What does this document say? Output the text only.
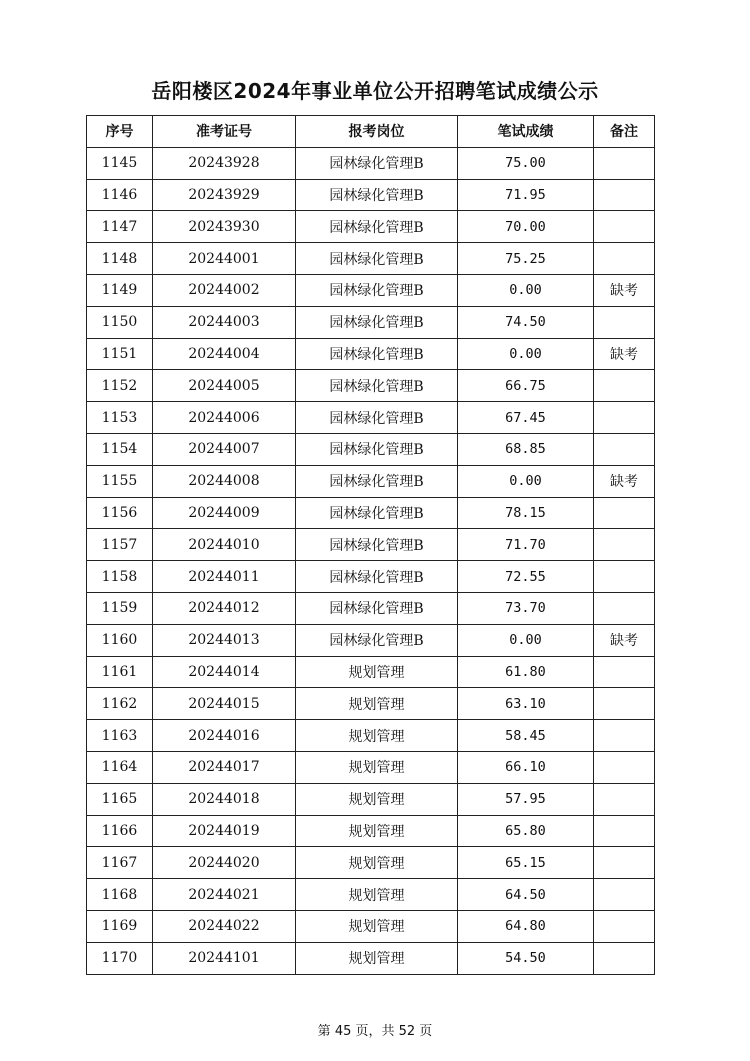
岳阳楼区2024年事业单位公开招聘笔试成绩公示
序号	准考证号	报考岗位	笔试成绩	备注
1145	20243928	园林绿化管理B	75.00	
1146	20243929	园林绿化管理B	71.95	
1147	20243930	园林绿化管理B	70.00	
1148	20244001	园林绿化管理B	75.25	
1149	20244002	园林绿化管理B	0.00	缺考
1150	20244003	园林绿化管理B	74.50	
1151	20244004	园林绿化管理B	0.00	缺考
1152	20244005	园林绿化管理B	66.75	
1153	20244006	园林绿化管理B	67.45	
1154	20244007	园林绿化管理B	68.85	
1155	20244008	园林绿化管理B	0.00	缺考
1156	20244009	园林绿化管理B	78.15	
1157	20244010	园林绿化管理B	71.70	
1158	20244011	园林绿化管理B	72.55	
1159	20244012	园林绿化管理B	73.70	
1160	20244013	园林绿化管理B	0.00	缺考
1161	20244014	规划管理	61.80	
1162	20244015	规划管理	63.10	
1163	20244016	规划管理	58.45	
1164	20244017	规划管理	66.10	
1165	20244018	规划管理	57.95	
1166	20244019	规划管理	65.80	
1167	20244020	规划管理	65.15	
1168	20244021	规划管理	64.50	
1169	20244022	规划管理	64.80	
1170	20244101	规划管理	54.50	
第 45 页，共 52 页
